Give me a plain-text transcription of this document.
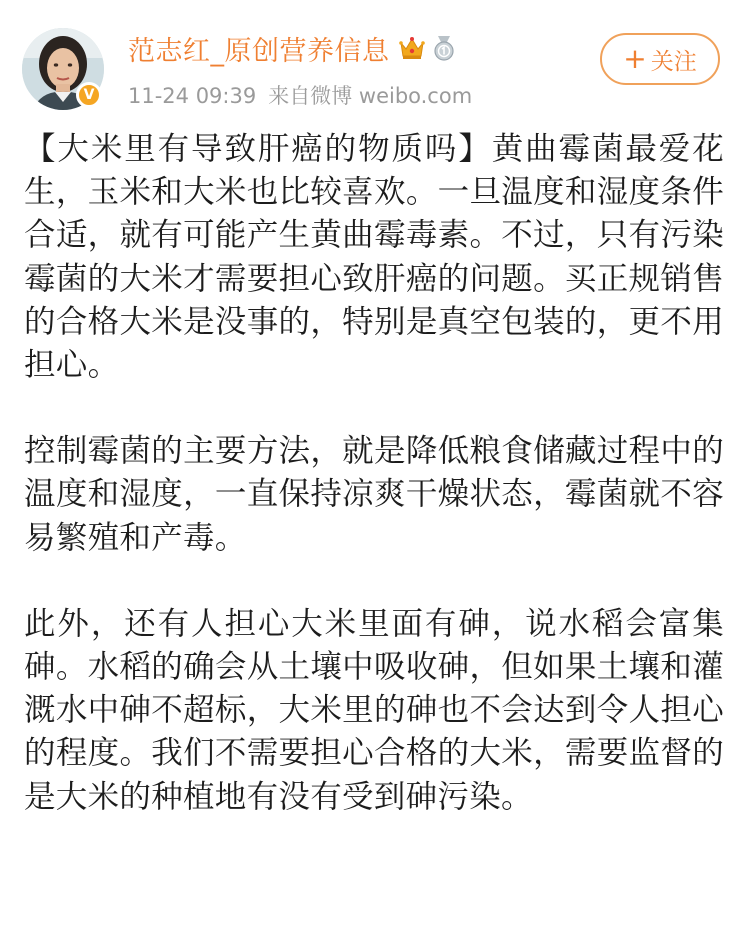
V
范志红_原创营养信息
11-24 09:39 来自微博 weibo.com
+ 关注

【大米里有导致肝癌的物质吗】黄曲霉菌最爱花生，玉米和大米也比较喜欢。一旦温度和湿度条件合适，就有可能产生黄曲霉毒素。不过，只有污染霉菌的大米才需要担心致肝癌的问题。买正规销售的合格大米是没事的，特别是真空包装的，更不用担心。

控制霉菌的主要方法，就是降低粮食储藏过程中的温度和湿度，一直保持凉爽干燥状态，霉菌就不容易繁殖和产毒。

此外，还有人担心大米里面有砷，说水稻会富集砷。水稻的确会从土壤中吸收砷，但如果土壤和灌溉水中砷不超标，大米里的砷也不会达到令人担心的程度。我们不需要担心合格的大米，需要监督的是大米的种植地有没有受到砷污染。
